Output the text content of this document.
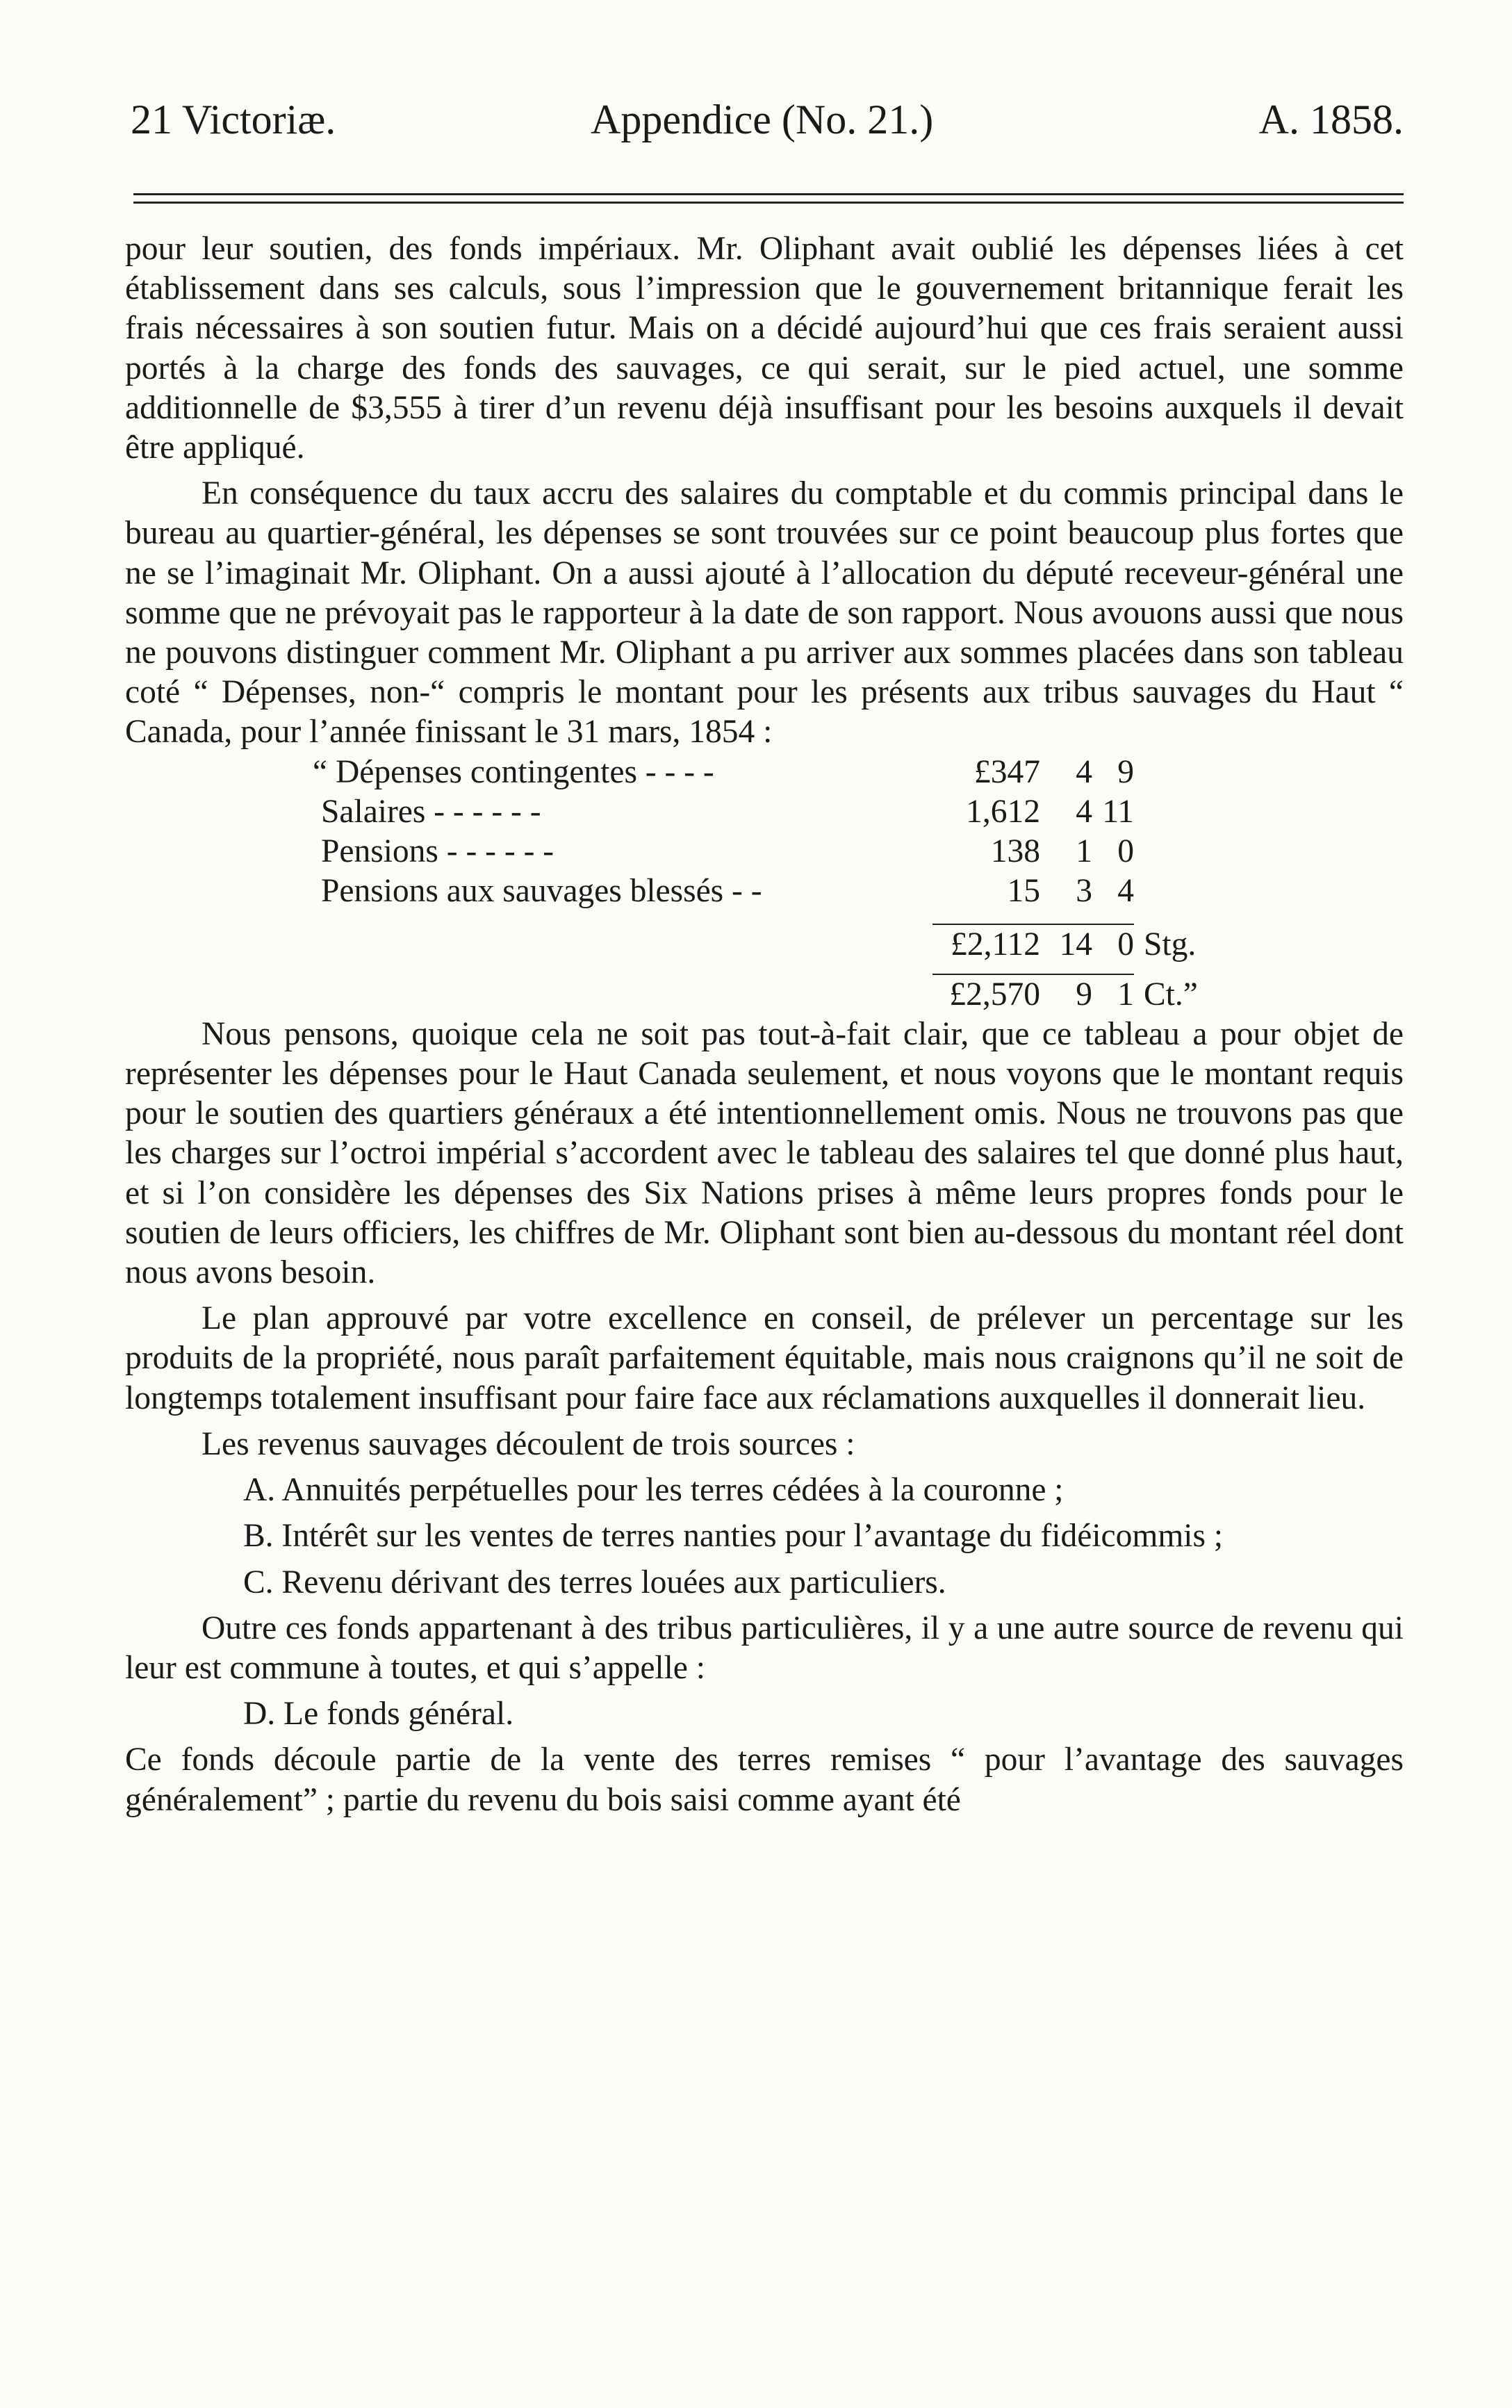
21 Victoriæ.	Appendice (No. 21.)	A. 1858.

pour leur soutien, des fonds impériaux. Mr. Oliphant avait oublié les dépenses liées à cet établissement dans ses calculs, sous l’impression que le gouvernement britannique ferait les frais nécessaires à son soutien futur. Mais on a décidé aujourd’hui que ces frais seraient aussi portés à la charge des fonds des sauvages, ce qui serait, sur le pied actuel, une somme additionnelle de $3,555 à tirer d’un revenu déjà insuffisant pour les besoins auxquels il devait être appliqué.

En conséquence du taux accru des salaires du comptable et du commis principal dans le bureau au quartier-général, les dépenses se sont trouvées sur ce point beaucoup plus fortes que ne se l’imaginait Mr. Oliphant. On a aussi ajouté à l’allocation du député receveur-général une somme que ne prévoyait pas le rapporteur à la date de son rapport. Nous avouons aussi que nous ne pouvons distinguer comment Mr. Oliphant a pu arriver aux sommes placées dans son tableau coté “ Dépenses, non-“ compris le montant pour les présents aux tribus sauvages du Haut “ Canada, pour l’année finissant le 31 mars, 1854 :

“ Dépenses contingentes - - - -	£347	4	9	
Salaires - - - - - -	1,612	4	11	
Pensions - - - - - -	138	1	0	
Pensions aux sauvages blessés - -	15	3	4	

£2,112	14	0	Stg.

£2,570	9	1	Ct.”

Nous pensons, quoique cela ne soit pas tout-à-fait clair, que ce tableau a pour objet de représenter les dépenses pour le Haut Canada seulement, et nous voyons que le montant requis pour le soutien des quartiers généraux a été intentionnellement omis. Nous ne trouvons pas que les charges sur l’octroi impérial s’accordent avec le tableau des salaires tel que donné plus haut, et si l’on considère les dépenses des Six Nations prises à même leurs propres fonds pour le soutien de leurs officiers, les chiffres de Mr. Oliphant sont bien au-dessous du montant réel dont nous avons besoin.

Le plan approuvé par votre excellence en conseil, de prélever un percentage sur les produits de la propriété, nous paraît parfaitement équitable, mais nous craignons qu’il ne soit de longtemps totalement insuffisant pour faire face aux réclamations auxquelles il donnerait lieu.

Les revenus sauvages découlent de trois sources :

A. Annuités perpétuelles pour les terres cédées à la couronne ;

B. Intérêt sur les ventes de terres nanties pour l’avantage du fidéicommis ;

C. Revenu dérivant des terres louées aux particuliers.

Outre ces fonds appartenant à des tribus particulières, il y a une autre source de revenu qui leur est commune à toutes, et qui s’appelle :

D. Le fonds général.

Ce fonds découle partie de la vente des terres remises “ pour l’avantage des sauvages généralement” ; partie du revenu du bois saisi comme ayant été
